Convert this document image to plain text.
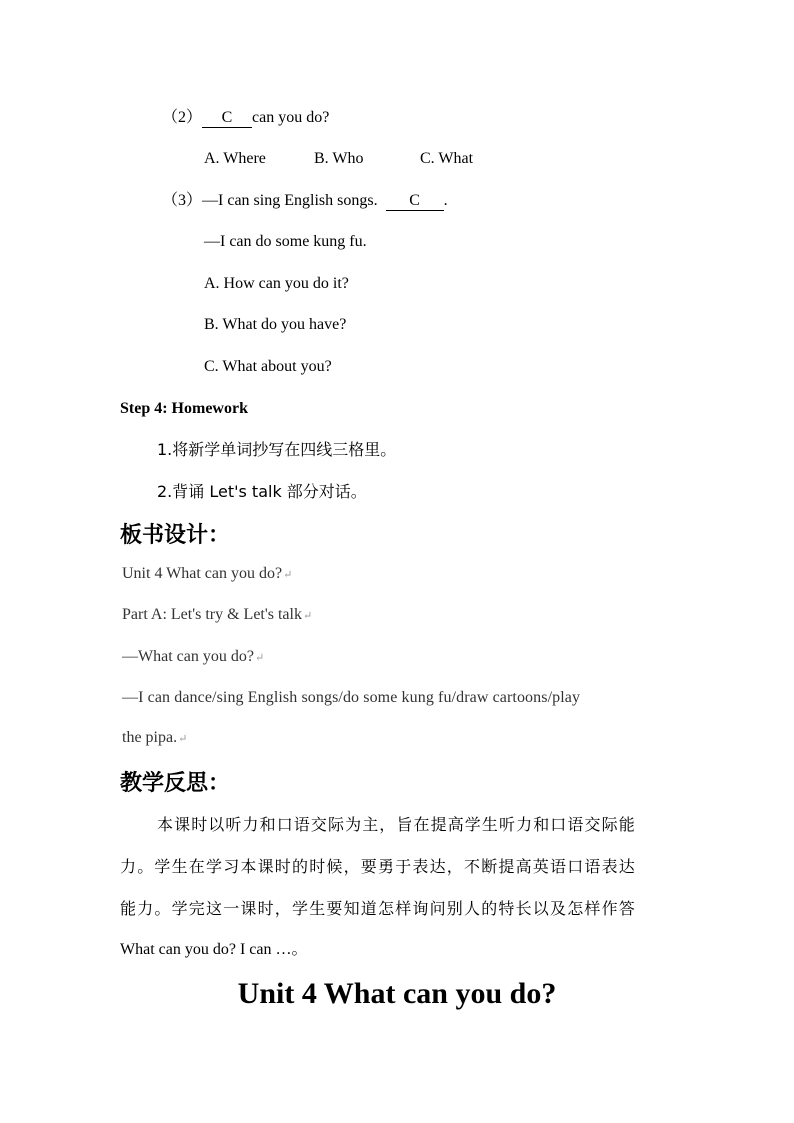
（2） C can you do?
A. Where	B. Who	C. What
（3）—I can sing English songs. C .
—I can do some kung fu.
A. How can you do it?
B. What do you have?
C. What about you?
Step 4: Homework
1.将新学单词抄写在四线三格里。
2.背诵 Let's talk 部分对话。
板书设计：
Unit 4 What can you do?↵
Part A: Let's try & Let's talk↵
—What can you do?↵
—I can dance/sing English songs/do some kung fu/draw cartoons/play
the pipa.↵
教学反思：
本课时以听力和口语交际为主，旨在提高学生听力和口语交际能
力。学生在学习本课时的时候，要勇于表达，不断提高英语口语表达
能力。学完这一课时，学生要知道怎样询问别人的特长以及怎样作答
What can you do? I can …。
Unit 4 What can you do?
